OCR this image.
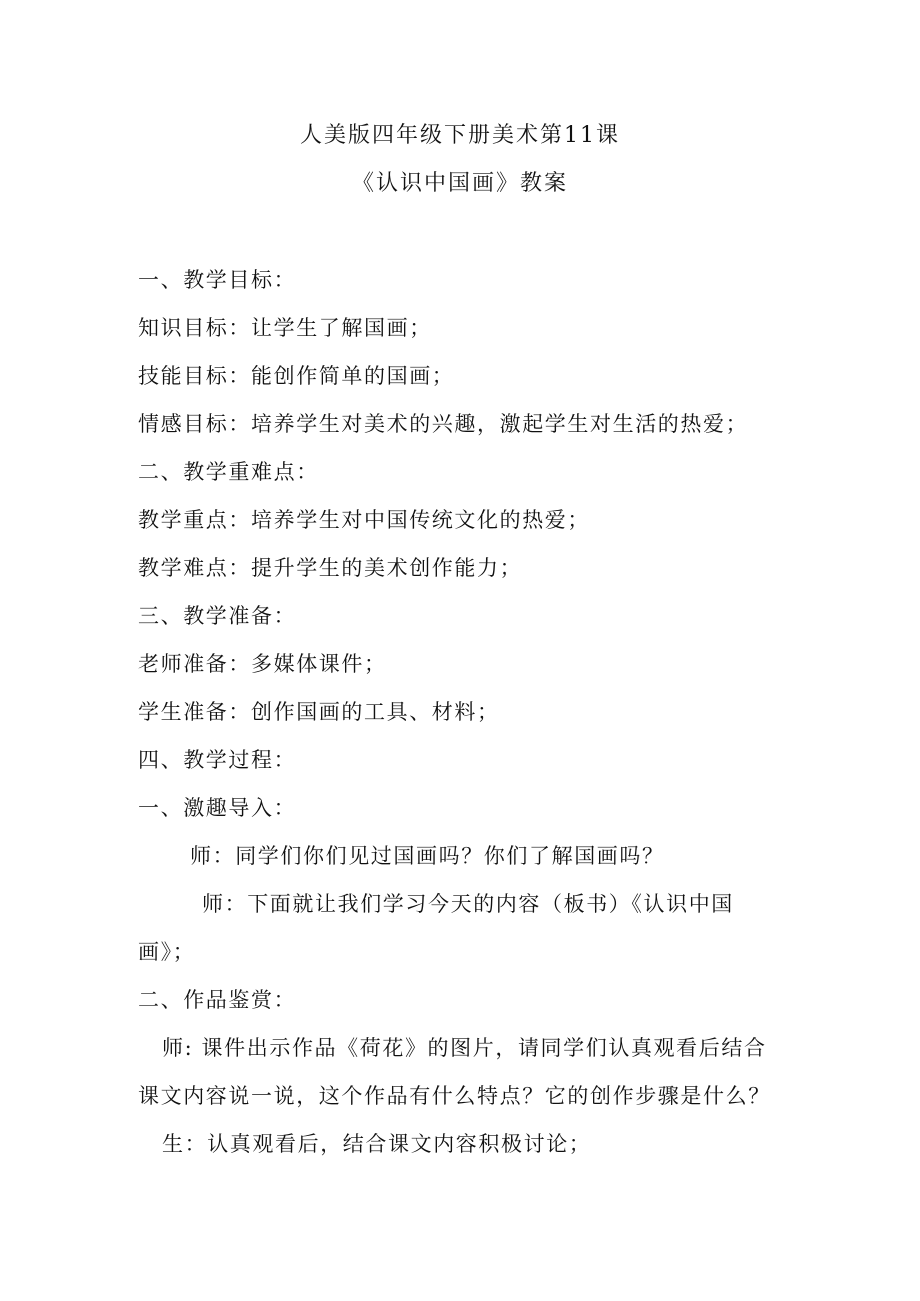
人美版四年级下册美术第11课
《认识中国画》教案
一、教学目标：
知识目标：让学生了解国画；
技能目标：能创作简单的国画；
情感目标：培养学生对美术的兴趣，激起学生对生活的热爱；
二、教学重难点：
教学重点：培养学生对中国传统文化的热爱；
教学难点：提升学生的美术创作能力；
三、教学准备：
老师准备：多媒体课件；
学生准备：创作国画的工具、材料；
四、教学过程：
一、激趣导入：
师：同学们你们见过国画吗？你们了解国画吗？
师：下面就让我们学习今天的内容（板书）《认识中国
画》；
二、作品鉴赏：
师: 课件出示作品《荷花》的图片，请同学们认真观看后结合
课文内容说一说，这个作品有什么特点？它的创作步骤是什么？
生：认真观看后，结合课文内容积极讨论；
